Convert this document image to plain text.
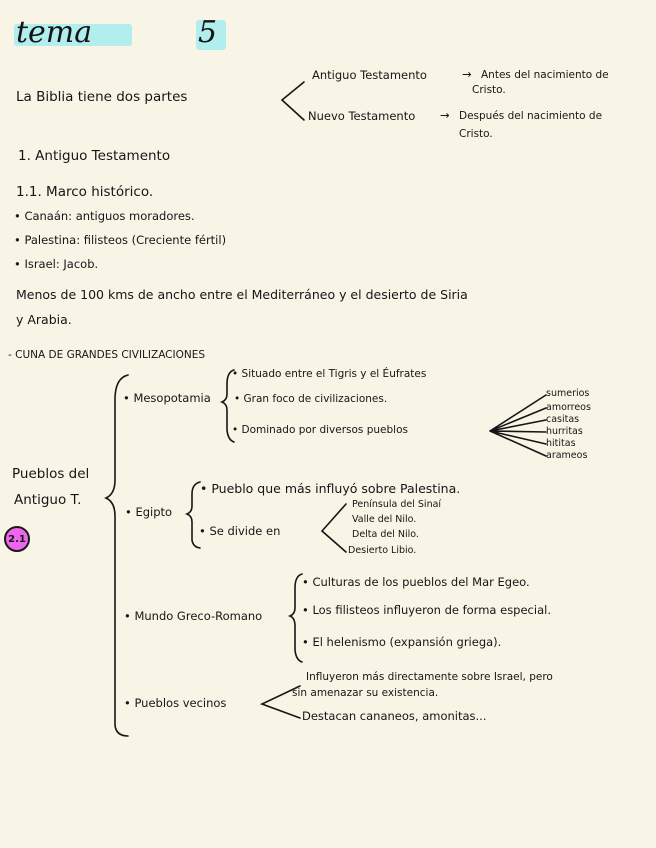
tema	5
La Biblia tiene dos partes
Antiguo Testamento	→ Antes del nacimiento de
Cristo.
Nuevo Testamento → Después del nacimiento de
Cristo.
1. Antiguo Testamento
1.1. Marco histórico.
• Canaán: antiguos moradores.
• Palestina: filisteos (Creciente fértil)
• Israel: Jacob.
Menos de 100 kms de ancho entre el Mediterráneo y el desierto de Siria
y Arabia.
- CUNA DE GRANDES CIVILIZACIONES
Pueblos del
Antiguo T.
2.1
• Mesopotamia
• Situado entre el Tigris y el Éufrates
• Gran foco de civilizaciones.
• Dominado por diversos pueblos
sumerios
amorreos
casitas
hurritas
hititas
arameos
• Egipto
• Pueblo que más influyó sobre Palestina.
• Se divide en
Península del Sinaí
Valle del Nilo.
Delta del Nilo.
Desierto Libio.
• Mundo Greco-Romano
• Culturas de los pueblos del Mar Egeo.
• Los filisteos influyeron de forma especial.
• El helenismo (expansión griega).
• Pueblos vecinos
Influyeron más directamente sobre Israel, pero
sin amenazar su existencia.
Destacan cananeos, amonitas...
